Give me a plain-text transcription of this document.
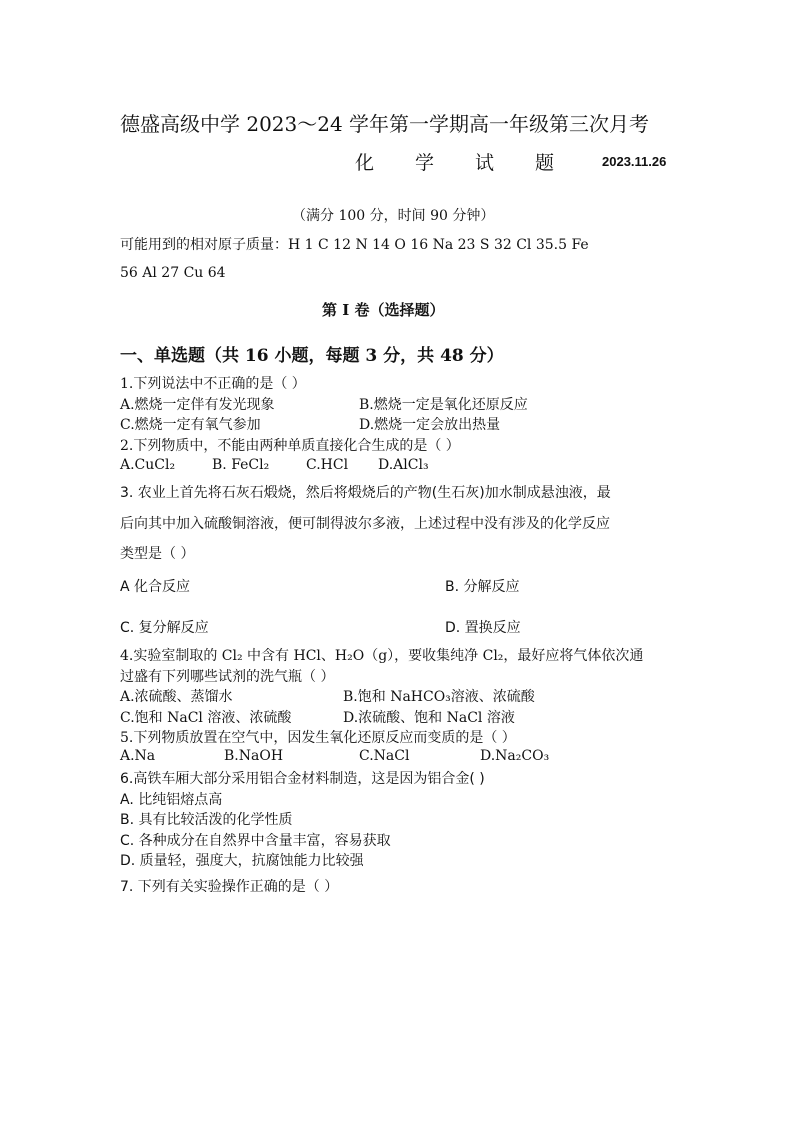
德盛高级中学 2023～24 学年第一学期高一年级第三次月考
化 学 试 题	2023.11.26
（满分 100 分，时间 90 分钟）
可能用到的相对原子质量：H 1 C 12 N 14 O 16 Na 23 S 32 Cl 35.5 Fe
56 Al 27 Cu 64
第 I 卷（选择题）
一、单选题（共 16 小题，每题 3 分，共 48 分）
1.下列说法中不正确的是（ ）
A.燃烧一定伴有发光现象	B.燃烧一定是氧化还原反应
C.燃烧一定有氧气参加	D.燃烧一定会放出热量
2.下列物质中，不能由两种单质直接化合生成的是（ ）
A.CuCl₂	B. FeCl₂	C.HCl D.AlCl₃
3. 农业上首先将石灰石煅烧，然后将煅烧后的产物(生石灰)加水制成悬浊液，最
后向其中加入硫酸铜溶液，便可制得波尔多液，上述过程中没有涉及的化学反应
类型是（ ）
A 化合反应	B. 分解反应
C. 复分解反应	D. 置换反应
4.实验室制取的 Cl₂ 中含有 HCl、H₂O（g），要收集纯净 Cl₂，最好应将气体依次通
过盛有下列哪些试剂的洗气瓶（ ）
A.浓硫酸、蒸馏水	B.饱和 NaHCO₃溶液、浓硫酸
C.饱和 NaCl 溶液、浓硫酸	D.浓硫酸、饱和 NaCl 溶液
5.下列物质放置在空气中，因发生氧化还原反应而变质的是（ ）
A.Na	B.NaOH	C.NaCl	D.Na₂CO₃
6.高铁车厢大部分采用铝合金材料制造，这是因为铝合金( )
A. 比纯铝熔点高
B. 具有比较活泼的化学性质
C. 各种成分在自然界中含量丰富，容易获取
D. 质量轻，强度大，抗腐蚀能力比较强
7. 下列有关实验操作正确的是（ ）
